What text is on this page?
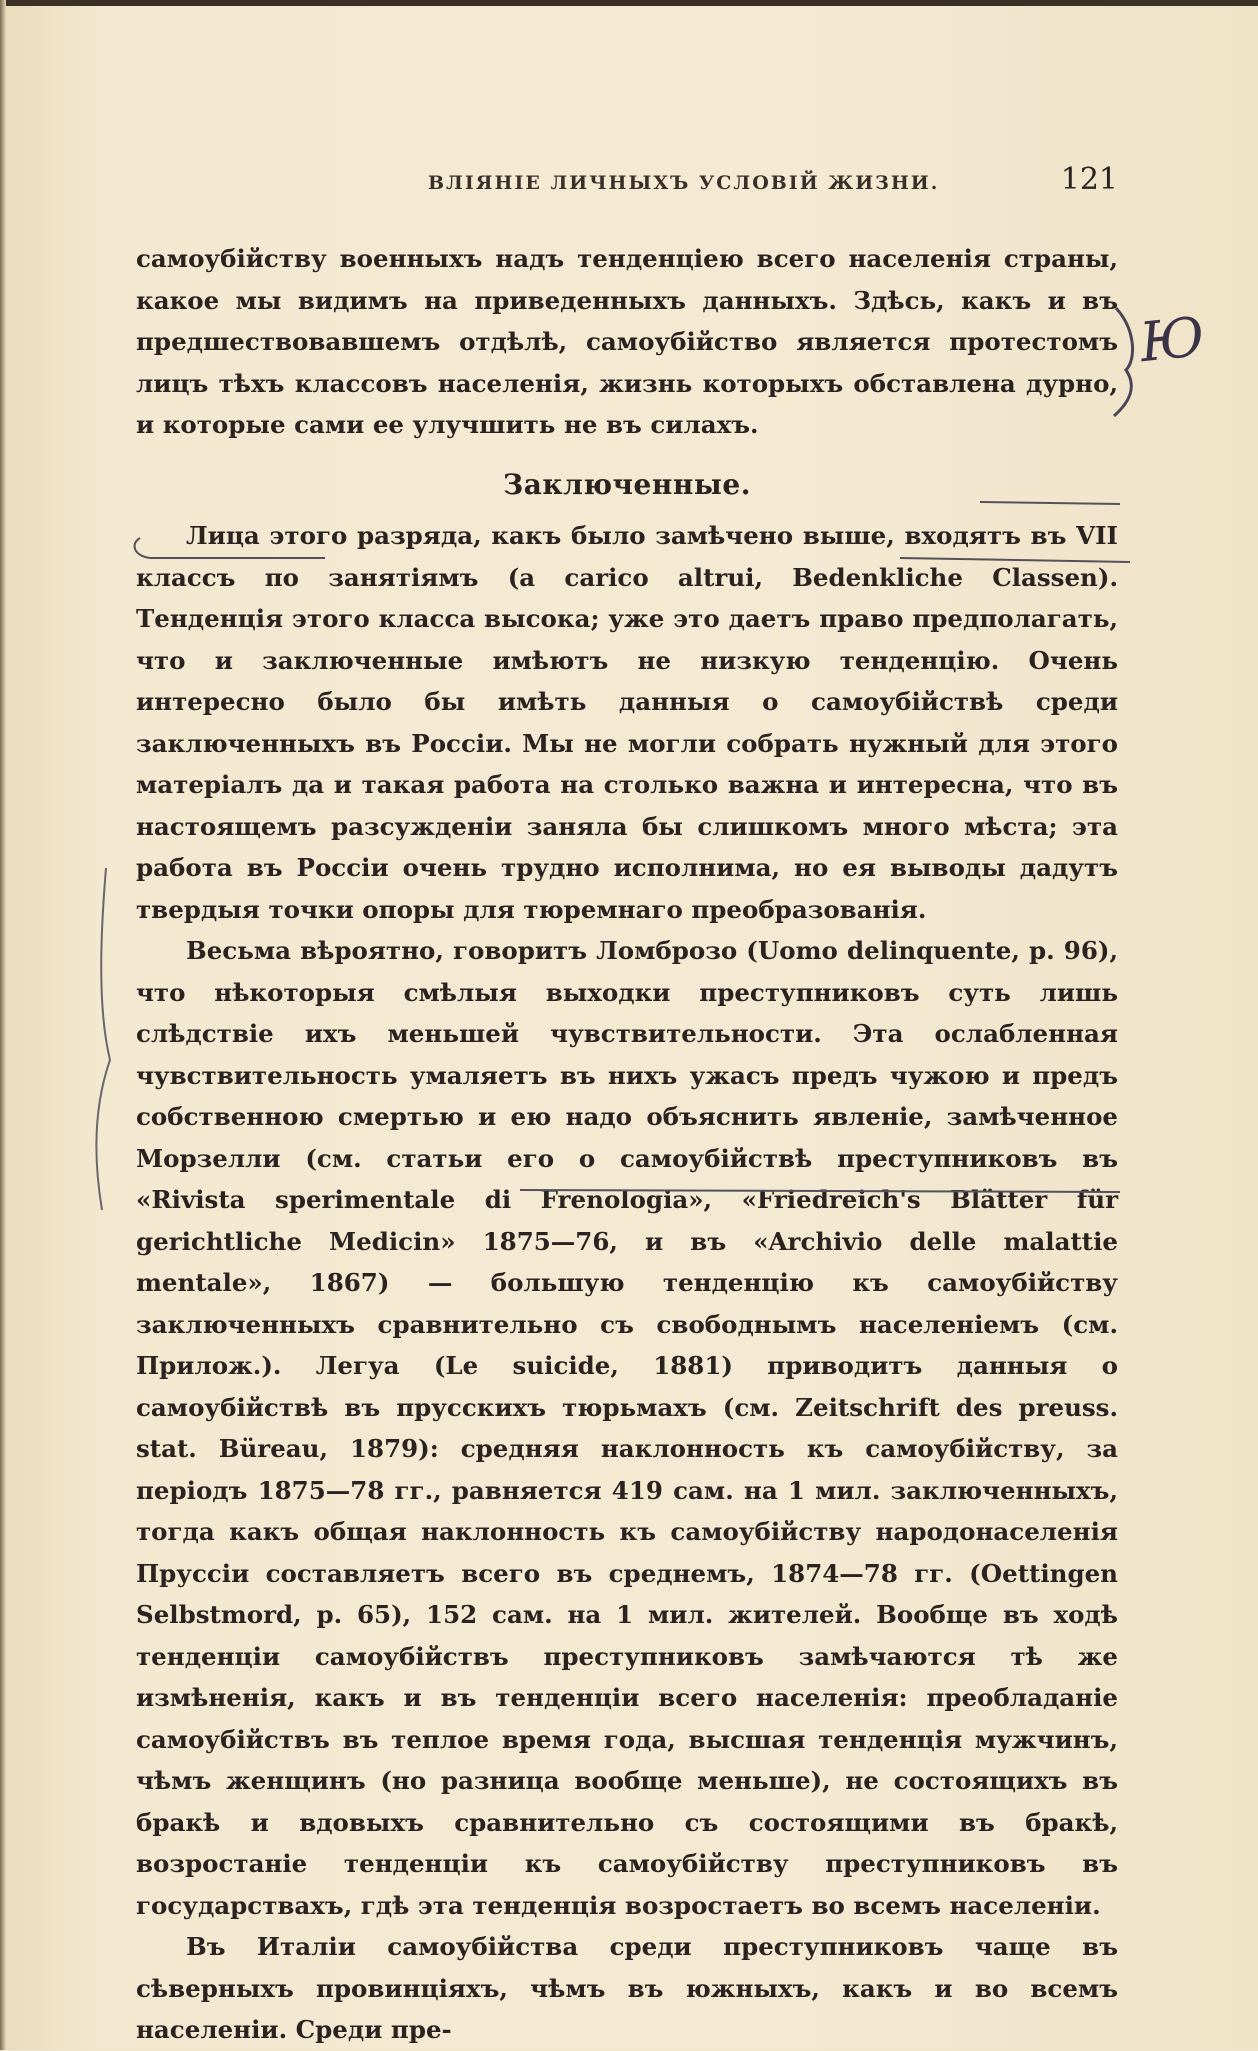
ВЛІЯНІЕ ЛИЧНЫХЪ УСЛОВІЙ ЖИЗНИ.	121

самоубійству военныхъ надъ тенденціею всего населенія страны, какое мы видимъ на приведенныхъ данныхъ. Здѣсь, какъ и въ предшествовавшемъ отдѣлѣ, самоубійство является протестомъ лицъ тѣхъ классовъ населенія, жизнь которыхъ обставлена дурно, и которые сами ее улучшить не въ силахъ.

Заключенные.

Лица этого разряда, какъ было замѣчено выше, входятъ въ VII классъ по занятіямъ (a carico altrui, Bedenkliche Classen). Тенденція этого класса высока; уже это даетъ право предполагать, что и заключенные имѣютъ не низкую тенденцію. Очень интересно было бы имѣть данныя о самоубійствѣ среди заключенныхъ въ Россіи. Мы не могли собрать нужный для этого матеріалъ да и такая работа на столько важна и интересна, что въ настоящемъ разсужденіи заняла бы слишкомъ много мѣста; эта работа въ Россіи очень трудно исполнима, но ея выводы дадутъ твердыя точки опоры для тюремнаго преобразованія.

Весьма вѣроятно, говоритъ Ломброзо (Uomo delinquente, p. 96), что нѣкоторыя смѣлыя выходки преступниковъ суть лишь слѣдствіе ихъ меньшей чувствительности. Эта ослабленная чувствительность умаляетъ въ нихъ ужасъ предъ чужою и предъ собственною смертью и ею надо объяснить явленіе, замѣченное Морзелли (см. статьи его о самоубійствѣ преступниковъ въ «Rivista sperimentale di Frenologia», «Friedreich's Blätter für gerichtliche Medicin» 1875—76, и въ «Archivio delle malattie mentale», 1867) — большую тенденцію къ самоубійству заключенныхъ сравнительно съ свободнымъ населеніемъ (см. Прилож.). Легуа (Le suicide, 1881) приводитъ данныя о самоубійствѣ въ прусскихъ тюрьмахъ (см. Zeitschrift des preuss. stat. Büreau, 1879): средняя наклонность къ самоубійству, за періодъ 1875—78 гг., равняется 419 сам. на 1 мил. заключенныхъ, тогда какъ общая наклонность къ самоубійству народонаселенія Пруссіи составляетъ всего въ среднемъ, 1874—78 гг. (Oettingen Selbstmord, p. 65), 152 сам. на 1 мил. жителей. Вообще въ ходѣ тенденціи самоубійствъ преступниковъ замѣчаются тѣ же измѣненія, какъ и въ тенденціи всего населенія: преобладаніе самоубійствъ въ теплое время года, высшая тенденція мужчинъ, чѣмъ женщинъ (но разница вообще меньше), не состоящихъ въ бракѣ и вдовыхъ сравнительно съ состоящими въ бракѣ, возростаніе тенденціи къ самоубійству преступниковъ въ государствахъ, гдѣ эта тенденція возростаетъ во всемъ населеніи.

Въ Италіи самоубійства среди преступниковъ чаще въ сѣверныхъ провинціяхъ, чѣмъ въ южныхъ, какъ и во всемъ населеніи. Среди пре-

Ю
